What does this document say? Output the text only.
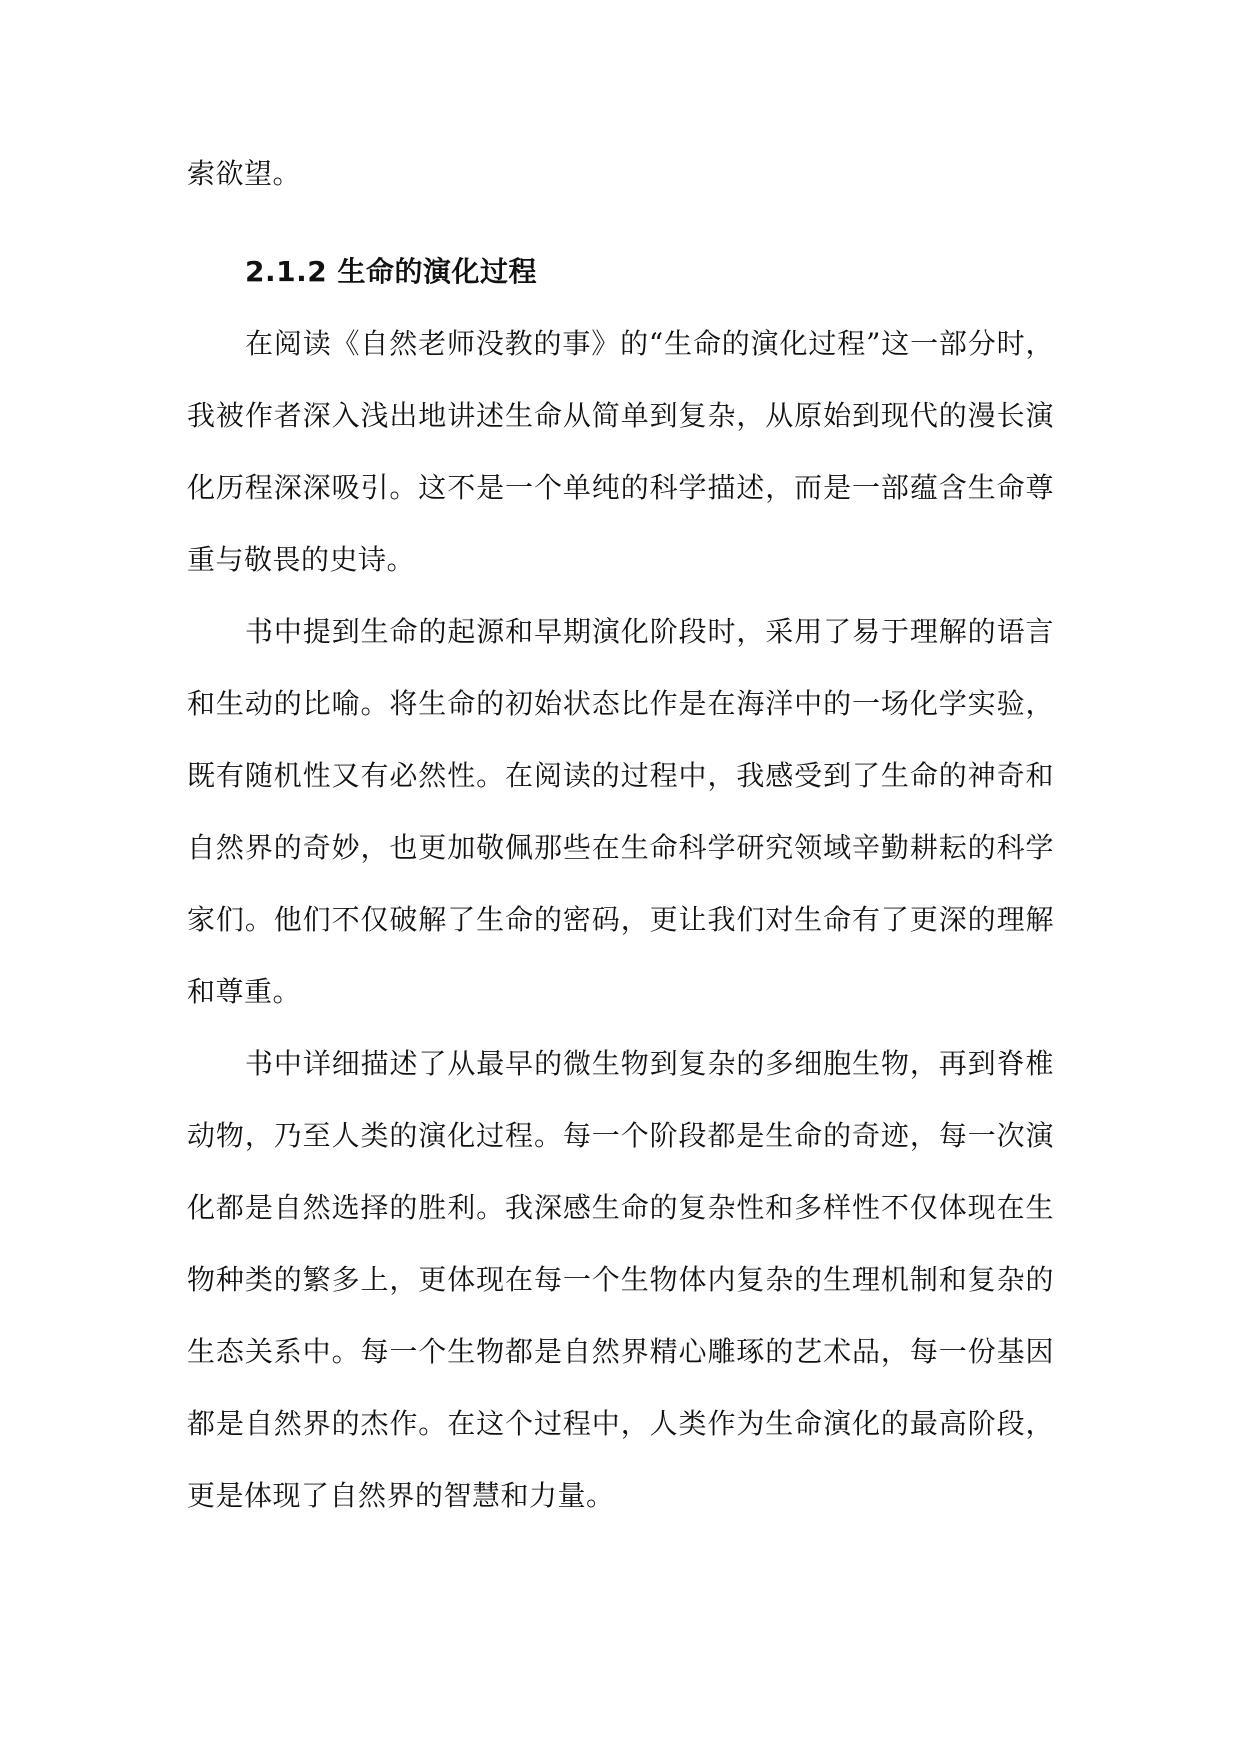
索欲望。
2.1.2 生命的演化过程
在阅读《自然老师没教的事》的“生命的演化过程”这一部分时，
我被作者深入浅出地讲述生命从简单到复杂，从原始到现代的漫长演
化历程深深吸引。这不是一个单纯的科学描述，而是一部蕴含生命尊
重与敬畏的史诗。
书中提到生命的起源和早期演化阶段时，采用了易于理解的语言
和生动的比喻。将生命的初始状态比作是在海洋中的一场化学实验，
既有随机性又有必然性。在阅读的过程中，我感受到了生命的神奇和
自然界的奇妙，也更加敬佩那些在生命科学研究领域辛勤耕耘的科学
家们。他们不仅破解了生命的密码，更让我们对生命有了更深的理解
和尊重。
书中详细描述了从最早的微生物到复杂的多细胞生物，再到脊椎
动物，乃至人类的演化过程。每一个阶段都是生命的奇迹，每一次演
化都是自然选择的胜利。我深感生命的复杂性和多样性不仅体现在生
物种类的繁多上，更体现在每一个生物体内复杂的生理机制和复杂的
生态关系中。每一个生物都是自然界精心雕琢的艺术品，每一份基因
都是自然界的杰作。在这个过程中，人类作为生命演化的最高阶段，
更是体现了自然界的智慧和力量。
